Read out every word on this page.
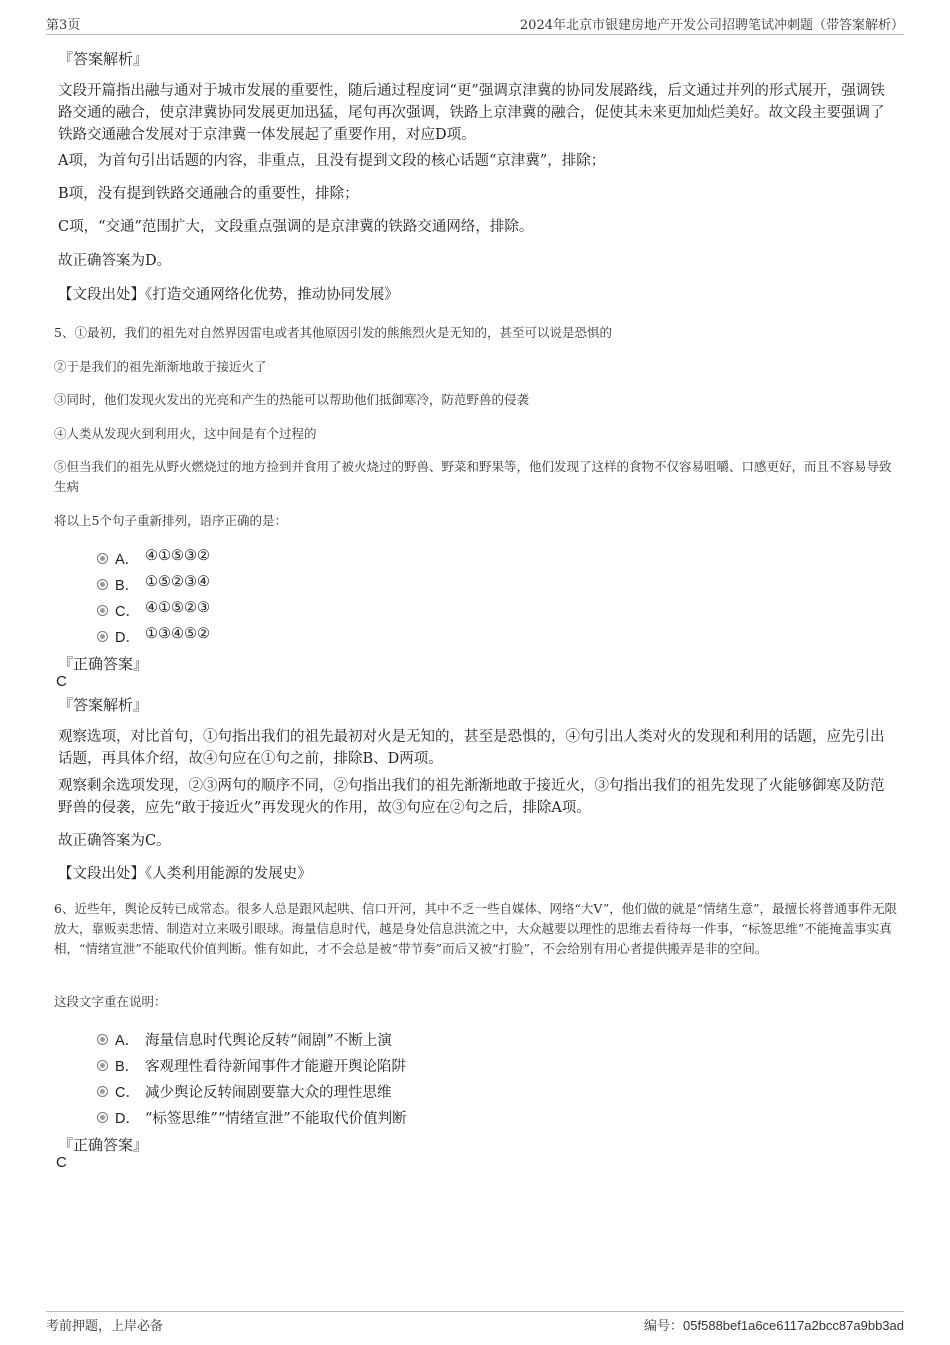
第3页	2024年北京市银建房地产开发公司招聘笔试冲刺题（带答案解析）
『答案解析』
文段开篇指出融与通对于城市发展的重要性，随后通过程度词“更”强调京津冀的协同发展路线，后文通过并列的形式展开，强调铁路交通的融合，使京津冀协同发展更加迅猛，尾句再次强调，铁路上京津冀的融合，促使其未来更加灿烂美好。故文段主要强调了铁路交通融合发展对于京津冀一体发展起了重要作用，对应D项。
A项，为首句引出话题的内容，非重点，且没有提到文段的核心话题“京津冀”，排除；
B项，没有提到铁路交通融合的重要性，排除；
C项，“交通”范围扩大，文段重点强调的是京津冀的铁路交通网络，排除。
故正确答案为D。
【文段出处】《打造交通网络化优势，推动协同发展》
5、①最初，我们的祖先对自然界因雷电或者其他原因引发的熊熊烈火是无知的，甚至可以说是恐惧的
②于是我们的祖先渐渐地敢于接近火了
③同时，他们发现火发出的光亮和产生的热能可以帮助他们抵御寒冷，防范野兽的侵袭
④人类从发现火到利用火，这中间是有个过程的
⑤但当我们的祖先从野火燃烧过的地方捡到并食用了被火烧过的野兽、野菜和野果等，他们发现了这样的食物不仅容易咀嚼、口感更好，而且不容易导致生病
将以上5个句子重新排列，语序正确的是：
A． ④①⑤③②
B． ①⑤②③④
C． ④①⑤②③
D． ①③④⑤②
『正确答案』
C
『答案解析』
观察选项，对比首句，①句指出我们的祖先最初对火是无知的，甚至是恐惧的，④句引出人类对火的发现和利用的话题，应先引出话题，再具体介绍，故④句应在①句之前，排除B、D两项。
观察剩余选项发现，②③两句的顺序不同，②句指出我们的祖先渐渐地敢于接近火，③句指出我们的祖先发现了火能够御寒及防范野兽的侵袭，应先“敢于接近火”再发现火的作用，故③句应在②句之后，排除A项。
故正确答案为C。
【文段出处】《人类利用能源的发展史》
6、近些年，舆论反转已成常态。很多人总是跟风起哄、信口开河，其中不乏一些自媒体、网络“大V”，他们做的就是“情绪生意”，最擅长将普通事件无限放大，靠贩卖悲情、制造对立来吸引眼球。海量信息时代，越是身处信息洪流之中，大众越要以理性的思维去看待每一件事，“标签思维”不能掩盖事实真相，“情绪宣泄”不能取代价值判断。惟有如此，才不会总是被“带节奏”而后又被“打脸”，不会给别有用心者提供搬弄是非的空间。
这段文字重在说明：
A． 海量信息时代舆论反转“闹剧”不断上演
B． 客观理性看待新闻事件才能避开舆论陷阱
C． 减少舆论反转闹剧要靠大众的理性思维
D． “标签思维”“情绪宣泄”不能取代价值判断
『正确答案』
C
考前押题，上岸必备	编号：05f588bef1a6ce6117a2bcc87a9bb3ad
